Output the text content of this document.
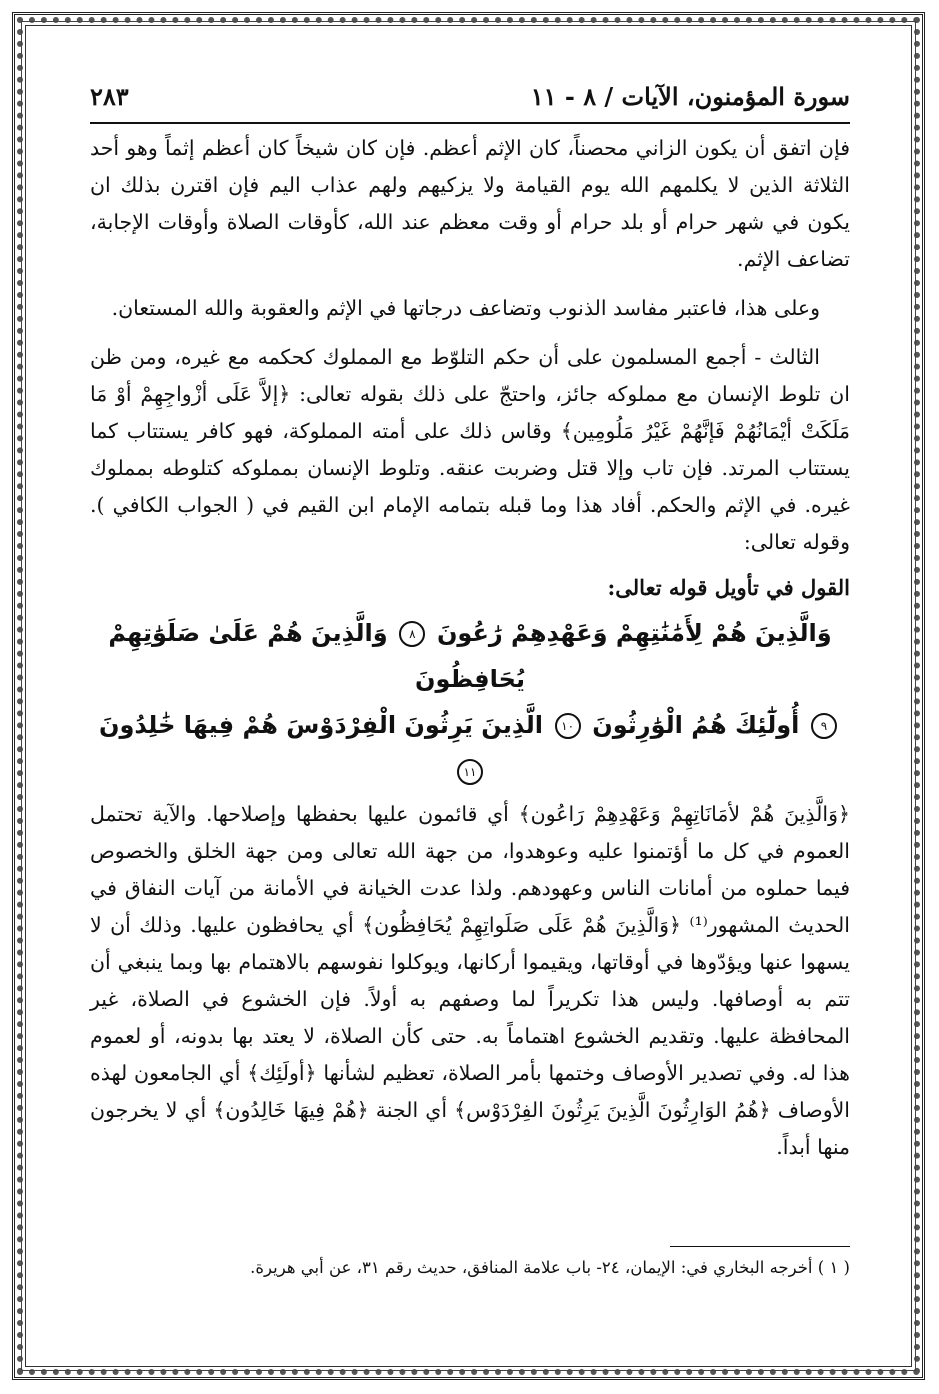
سورة المؤمنون، الآيات / ٨ - ١١
٢٨٣

فإن اتفق أن يكون الزاني محصناً، كان الإثم أعظم. فإن كان شيخاً كان أعظم إثماً وهو أحد الثلاثة الذين لا يكلمهم الله يوم القيامة ولا يزكيهم ولهم عذاب اليم فإن اقترن بذلك ان يكون في شهر حرام أو بلد حرام أو وقت معظم عند الله، كأوقات الصلاة وأوقات الإجابة، تضاعف الإثم.

وعلى هذا، فاعتبر مفاسد الذنوب وتضاعف درجاتها في الإثم والعقوبة والله المستعان.

الثالث - أجمع المسلمون على أن حكم التلوّط مع المملوك كحكمه مع غيره، ومن ظن ان تلوط الإنسان مع مملوكه جائز، واحتجّ على ذلك بقوله تعالى: ﴿إلاَّ عَلَى أزْواجِهِمْ أوْ مَا مَلَكَتْ أيْمَانُهُمْ فَإنَّهُمْ غَيْرُ مَلُومِين﴾ وقاس ذلك على أمته المملوكة، فهو كافر يستتاب كما يستتاب المرتد. فإن تاب وإلا قتل وضربت عنقه. وتلوط الإنسان بمملوكه كتلوطه بمملوك غيره. في الإثم والحكم. أفاد هذا وما قبله بتمامه الإمام ابن القيم في ( الجواب الكافي ). وقوله تعالى:

القول في تأويل قوله تعالى:
وَالَّذِينَ هُمْ لِأَمَٰنَٰتِهِمْ وَعَهْدِهِمْ رَٰعُونَ ٨ وَالَّذِينَ هُمْ عَلَىٰ صَلَوَٰتِهِمْ يُحَافِظُونَ
٩ أُولَٰٓئِكَ هُمُ الْوَٰرِثُونَ ١٠ الَّذِينَ يَرِثُونَ الْفِرْدَوْسَ هُمْ فِيهَا خَٰلِدُونَ ١١

﴿وَالَّذِينَ هُمْ لأمَانَاتِهِمْ وَعَهْدِهِمْ رَاعُون﴾ أي قائمون عليها بحفظها وإصلاحها. والآية تحتمل العموم في كل ما أؤتمنوا عليه وعوهدوا، من جهة الله تعالى ومن جهة الخلق والخصوص فيما حملوه من أمانات الناس وعهودهم. ولذا عدت الخيانة في الأمانة من آيات النفاق في الحديث المشهور⁽¹⁾ ﴿وَالَّذِينَ هُمْ عَلَى صَلَواتِهِمْ يُحَافِظُون﴾ أي يحافظون عليها. وذلك أن لا يسهوا عنها ويؤدّوها في أوقاتها، ويقيموا أركانها، ويوكلوا نفوسهم بالاهتمام بها وبما ينبغي أن تتم به أوصافها. وليس هذا تكريراً لما وصفهم به أولاً. فإن الخشوع في الصلاة، غير المحافظة عليها. وتقديم الخشوع اهتماماً به. حتى كأن الصلاة، لا يعتد بها بدونه، أو لعموم هذا له. وفي تصدير الأوصاف وختمها بأمر الصلاة، تعظيم لشأنها ﴿أولَئِك﴾ أي الجامعون لهذه الأوصاف ﴿هُمُ الوَارِثُونَ الَّذِينَ يَرِثُونَ الفِرْدَوْس﴾ أي الجنة ﴿هُمْ فِيهَا خَالِدُون﴾ أي لا يخرجون منها أبداً.

( ١ ) أخرجه البخاري في: الإيمان، ٢٤- باب علامة المنافق، حديث رقم ٣١، عن أبي هريرة.
